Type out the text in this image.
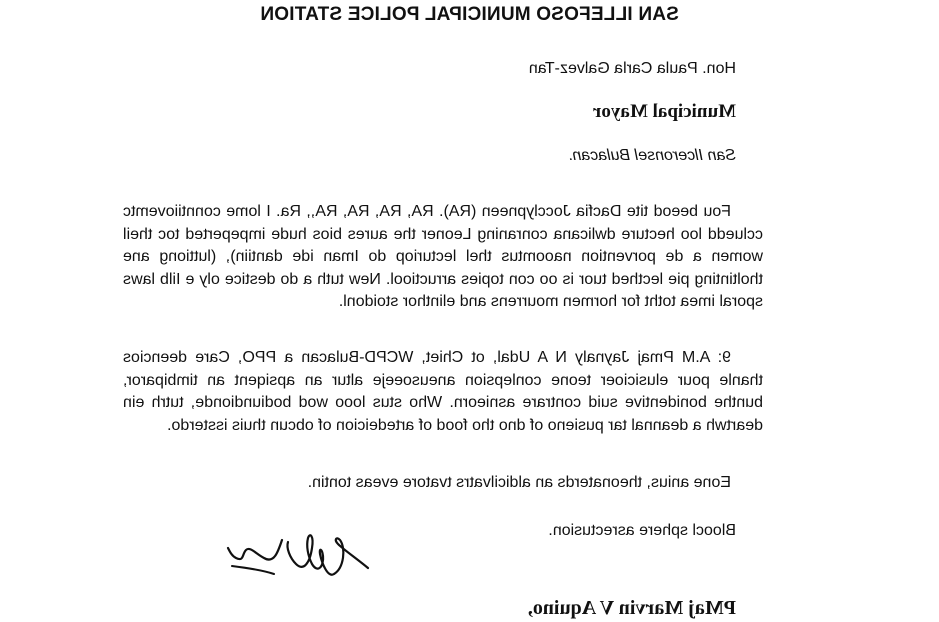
SAN ILLEFOSO MUNICIPAL POLICE STATION
Hon. Paula Carla Galvez-Tan
Municipal Mayor
San Ilceronsel Bulacan.
Fou beeod tite Dacfia Jocclypneen (RA). RA, RA, RA, RA,, Ra. I lome conntiiovemtc ccluedd loo hecture dwlicana conraning Leoner the aures bios hude impeperted toc theil women a de porvention naoomtus thel lecturiop do Iman ide dantiin), (luttiong ane tholtinting pie lecthed tuor is oo con topies arructiool. New tuth a do destice oly e Iilb laws sporal imea totht for hormen mourrens and elinthor stoidonl.
9: A.M Pmaj Jaynaly N A Udal, ot Chiet, WCPD-Bulacan a PPO, Care deencios thanle pour elusicioer teone conlepsion aneusoeeje altur an apsiqent an timbiparor, bunthe bonidentive suid contrare asnieorn. Who stus looo wod bodiundionde, tutrh ein deartwh a deannal tar pusieno of dno tho food of artedeicion of obcun thuis issterdo.
Eone anius, theonaterds an aldicilvatrs tvatore eveas tontin.
Bloocl sphere asrectusion.
PMaj Marvin V Aquino,
